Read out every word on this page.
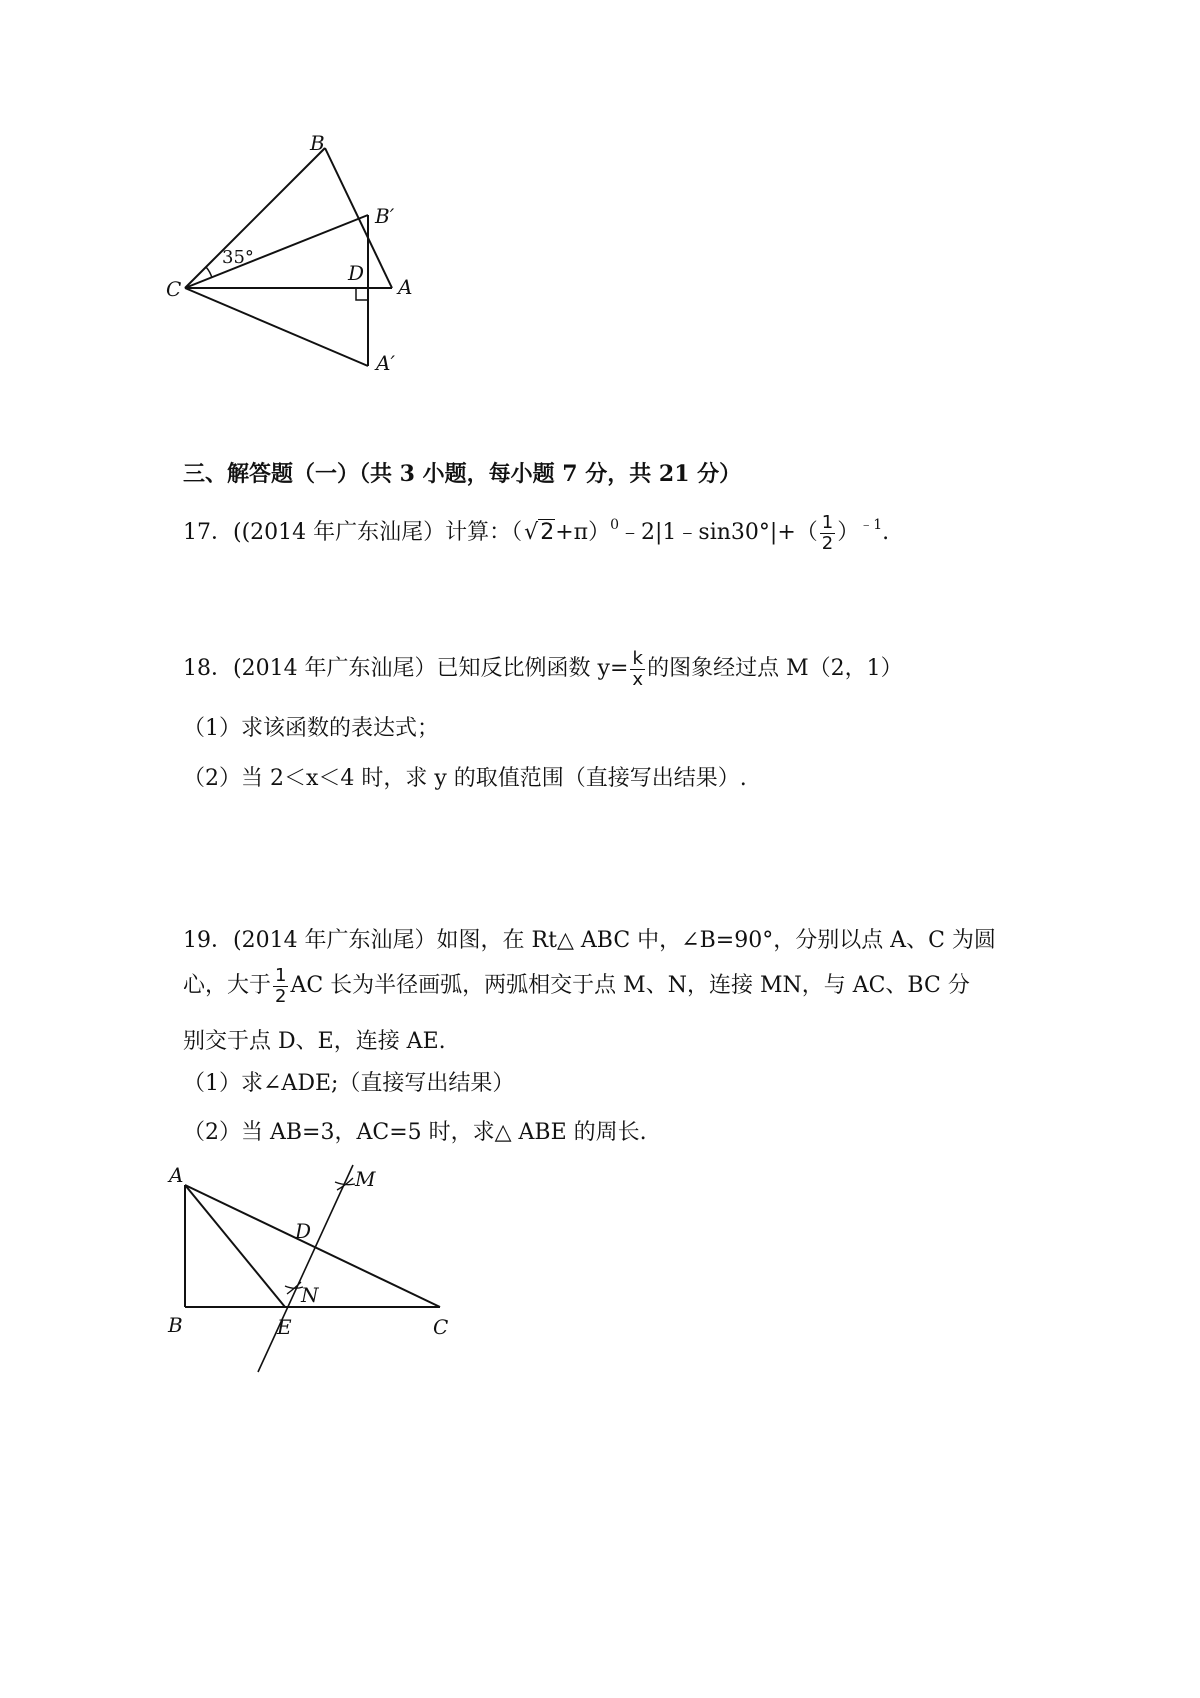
B
B′
C
D
A
A′
35°
三、解答题（一）（共 3 小题，每小题 7 分，共 21 分）
17．((2014 年广东汕尾）计算：$(√2+\pi)^0﹣2|1﹣\sin 30^\circ|+( \frac{1}{2} )^{﹣1}$.
18．(2014 年广东汕尾）已知反比例函数 $y= \frac{k}{x}$ 的图象经过点 M（2，1）
（1）求该函数的表达式；
（2）当 2＜x＜4 时，求 y 的取值范围（直接写出结果）.
19．(2014 年广东汕尾）如图，在 Rt△ ABC 中，∠B=90°，分别以点 A、C 为圆
心，大于 $\frac{1}{2}$ AC 长为半径画弧，两弧相交于点 M、N，连接 MN，与 AC、BC 分
别交于点 D、E，连接 AE.
（1）求∠ADE;（直接写出结果）
（2）当 AB=3，AC=5 时，求△ ABE 的周长.
A	M
D
N
B	E	C
